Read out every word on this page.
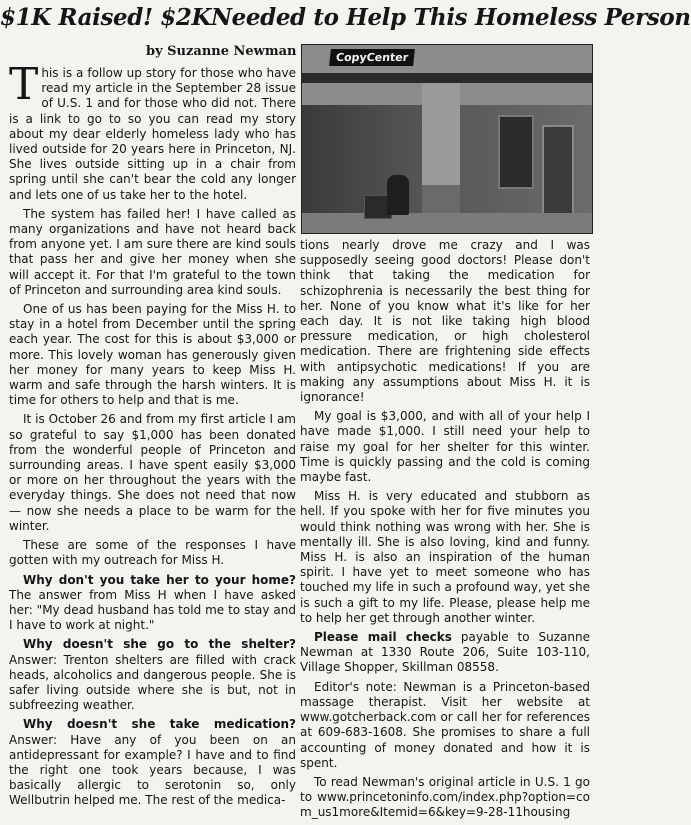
$1K Raised! $2KNeeded to Help This Homeless Person
by Suzanne Newman	CopyCenter

This is a follow up story for those who have read my article in the September 28 issue of U.S. 1 and for those who did not. There is a link to go to so you can read my story about my dear elderly homeless lady who has lived outside for 20 years here in Princeton, NJ. She lives outside sitting up in a chair from spring until she can't bear the cold any longer and lets one of us take her to the hotel.

The system has failed her! I have called as many organizations and have not heard back from anyone yet. I am sure there are kind souls that pass her and give her money when she will accept it. For that I'm grateful to the town of Princeton and surrounding area kind souls.

One of us has been paying for the Miss H. to stay in a hotel from December until the spring each year. The cost for this is about $3,000 or more. This lovely woman has generously given her money for many years to keep Miss H. warm and safe through the harsh winters. It is time for others to help and that is me.

It is October 26 and from my first article I am so grateful to say $1,000 has been donated from the wonderful people of Princeton and surrounding areas. I have spent easily $3,000 or more on her throughout the years with the everyday things. She does not need that now — now she needs a place to be warm for the winter.

These are some of the responses I have gotten with my outreach for Miss H.

Why don't you take her to your home? The answer from Miss H when I have asked her: "My dead husband has told me to stay and I have to work at night."

Why doesn't she go to the shelter? Answer: Trenton shelters are filled with crack heads, alcoholics and dangerous people. She is safer living outside where she is but, not in subfreezing weather.

Why doesn't she take medication? Answer: Have any of you been on an antidepressant for example? I have and to find the right one took years because, I was basically allergic to serotonin so, only Wellbutrin helped me. The rest of the medica-

tions nearly drove me crazy and I was supposedly seeing good doctors! Please don't think that taking the medication for schizophrenia is necessarily the best thing for her. None of you know what it's like for her each day. It is not like taking high blood pressure medication, or high cholesterol medication. There are frightening side effects with antipsychotic medications! If you are making any assumptions about Miss H. it is ignorance!

My goal is $3,000, and with all of your help I have made $1,000. I still need your help to raise my goal for her shelter for this winter. Time is quickly passing and the cold is coming maybe fast.

Miss H. is very educated and stubborn as hell. If you spoke with her for five minutes you would think nothing was wrong with her. She is mentally ill. She is also loving, kind and funny. Miss H. is also an inspiration of the human spirit. I have yet to meet someone who has touched my life in such a profound way, yet she is such a gift to my life. Please, please help me to help her get through another winter.

Please mail checks payable to Suzanne Newman at 1330 Route 206, Suite 103-110, Village Shopper, Skillman 08558.

Editor's note: Newman is a Princeton-based massage therapist. Visit her website at www.gotcherback.com or call her for references at 609-683-1608. She promises to share a full accounting of money donated and how it is spent.

To read Newman's original article in U.S. 1 go to www.princetoninfo.com/index.php?option=com_us1more&Itemid=6&key=9-28-11housing
